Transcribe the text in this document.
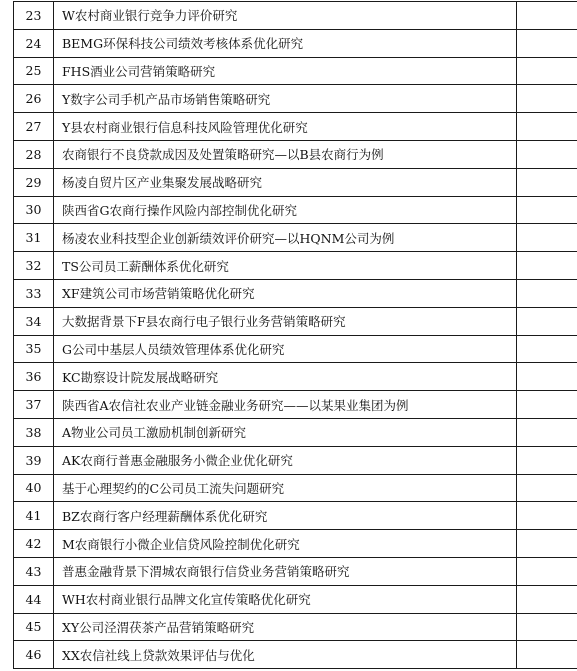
23	W农村商业银行竞争力评价研究	
24	BEMG环保科技公司绩效考核体系优化研究	
25	FHS酒业公司营销策略研究	
26	Y数字公司手机产品市场销售策略研究	
27	Y县农村商业银行信息科技风险管理优化研究	
28	农商银行不良贷款成因及处置策略研究—以B县农商行为例	
29	杨凌自贸片区产业集聚发展战略研究	
30	陕西省G农商行操作风险内部控制优化研究	
31	杨凌农业科技型企业创新绩效评价研究—以HQNM公司为例	
32	TS公司员工薪酬体系优化研究	
33	XF建筑公司市场营销策略优化研究	
34	大数据背景下F县农商行电子银行业务营销策略研究	
35	G公司中基层人员绩效管理体系优化研究	
36	KC勘察设计院发展战略研究	
37	陕西省A农信社农业产业链金融业务研究——以某果业集团为例	
38	A物业公司员工激励机制创新研究	
39	AK农商行普惠金融服务小微企业优化研究	
40	基于心理契约的C公司员工流失问题研究	
41	BZ农商行客户经理薪酬体系优化研究	
42	M农商银行小微企业信贷风险控制优化研究	
43	普惠金融背景下渭城农商银行信贷业务营销策略研究	
44	WH农村商业银行品牌文化宣传策略优化研究	
45	XY公司泾渭茯茶产品营销策略研究	
46	XX农信社线上贷款效果评估与优化	
